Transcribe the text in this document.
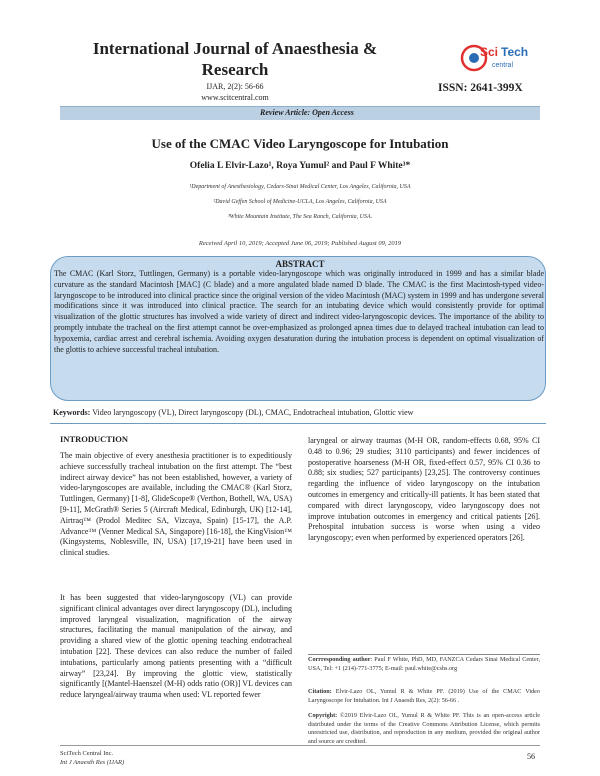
International Journal of Anaesthesia & Research
IJAR, 2(2): 56-66
www.scitcentral.com
Sci Tech
central
ISSN: 2641-399X
Review Article: Open Access
Use of the CMAC Video Laryngoscope for Intubation
Ofelia L Elvir-Lazo¹, Roya Yumul² and Paul F White³*
¹Department of Anesthesiology, Cedars-Sinai Medical Center, Los Angeles, California, USA
²David Geffen School of Medicine-UCLA, Los Angeles, California, USA
³White Mountain Institute, The Sea Ranch, California, USA.
Received April 10, 2019; Accepted June 06, 2019; Published August 09, 2019
ABSTRACT
The CMAC (Karl Storz, Tuttlingen, Germany) is a portable video-laryngoscope which was originally introduced in 1999 and has a similar blade curvature as the standard Macintosh [MAC] (C blade) and a more angulated blade named D blade. The CMAC is the first Macintosh-typed video-laryngoscope to be introduced into clinical practice since the original version of the video Macintosh (MAC) system in 1999 and has undergone several modifications since it was introduced into clinical practice. The search for an intubating device which would consistently provide for optimal visualization of the glottic structures has involved a wide variety of direct and indirect video-laryngoscopic devices. The importance of the ability to promptly intubate the tracheal on the first attempt cannot be over-emphasized as prolonged apnea times due to delayed tracheal intubation can lead to hypoxemia, cardiac arrest and cerebral ischemia. Avoiding oxygen desaturation during the intubation process is dependent on optimal visualization of the glottis to achieve successful tracheal intubation.
Keywords: Video laryngoscopy (VL), Direct laryngoscopy (DL), CMAC, Endotracheal intubation, Glottic view
INTRODUCTION
The main objective of every anesthesia practitioner is to expeditiously achieve successfully tracheal intubation on the first attempt. The “best indirect airway device” has not been established, however, a variety of video-laryngoscopes are available, including the CMAC® (Karl Storz, Tuttlingen, Germany) [1-8], GlideScope® (Verthon, Bothell, WA, USA) [9-11], McGrath® Series 5 (Aircraft Medical, Edinburgh, UK) [12-14], Airtraq™ (Prodol Meditec SA, Vizcaya, Spain) [15-17], the A.P. Advance™ (Venner Medical SA, Singapore) [16-18], the KingVision™ (Kingsystems, Noblesville, IN, USA) [17,19-21] have been used in clinical studies.
It has been suggested that video-laryngoscopy (VL) can provide significant clinical advantages over direct laryngoscopy (DL), including improved laryngeal visualization, magnification of the airway structures, facilitating the manual manipulation of the airway, and providing a shared view of the glottic opening teaching endotracheal intubation [22]. These devices can also reduce the number of failed intubations, particularly among patients presenting with a “difficult airway” [23,24]. By improving the glottic view, statistically significantly [(Mantel-Haenszel (M-H) odds ratio (OR)] VL devices can reduce laryngeal/airway trauma when used: VL reported fewer
laryngeal or airway traumas (M-H OR, random-effects 0.68, 95% CI 0.48 to 0.96; 29 studies; 3110 participants) and fewer incidences of postoperative hoarseness (M-H OR, fixed-effect 0.57, 95% CI 0.36 to 0.88; six studies; 527 participants) [23,25]. The controversy continues regarding the influence of video laryngoscopy on the intubation outcomes in emergency and critically-ill patients. It has been stated that compared with direct laryngoscopy, video laryngoscopy does not improve intubation outcomes in emergency and critical patients [26]. Prehospital intubation success is worse when using a video laryngoscopy; even when performed by experienced operators [26].
Corrresponding author: Paul F White, PhD, MD, FANZCA Cedars Sinai Medical Center, USA, Tel: +1 (214)-771-3775; E-mail: paul.white@cshs.org
Citation: Elvir-Lazo OL, Yumul R & White PF. (2019) Use of the CMAC Video Laryngoscope for Intubation. Int J Anaesth Res, 2(2): 56-66 .
Copyright: ©2019 Elvir-Lazo OL, Yumul R & White PF. This is an open-access article distributed under the terms of the Creative Commons Attribution License, which permits unrestricted use, distribution, and reproduction in any medium, provided the original author and source are credited.
SciTech Central Inc.
Int J Anaesth Res (IJAR)
56
